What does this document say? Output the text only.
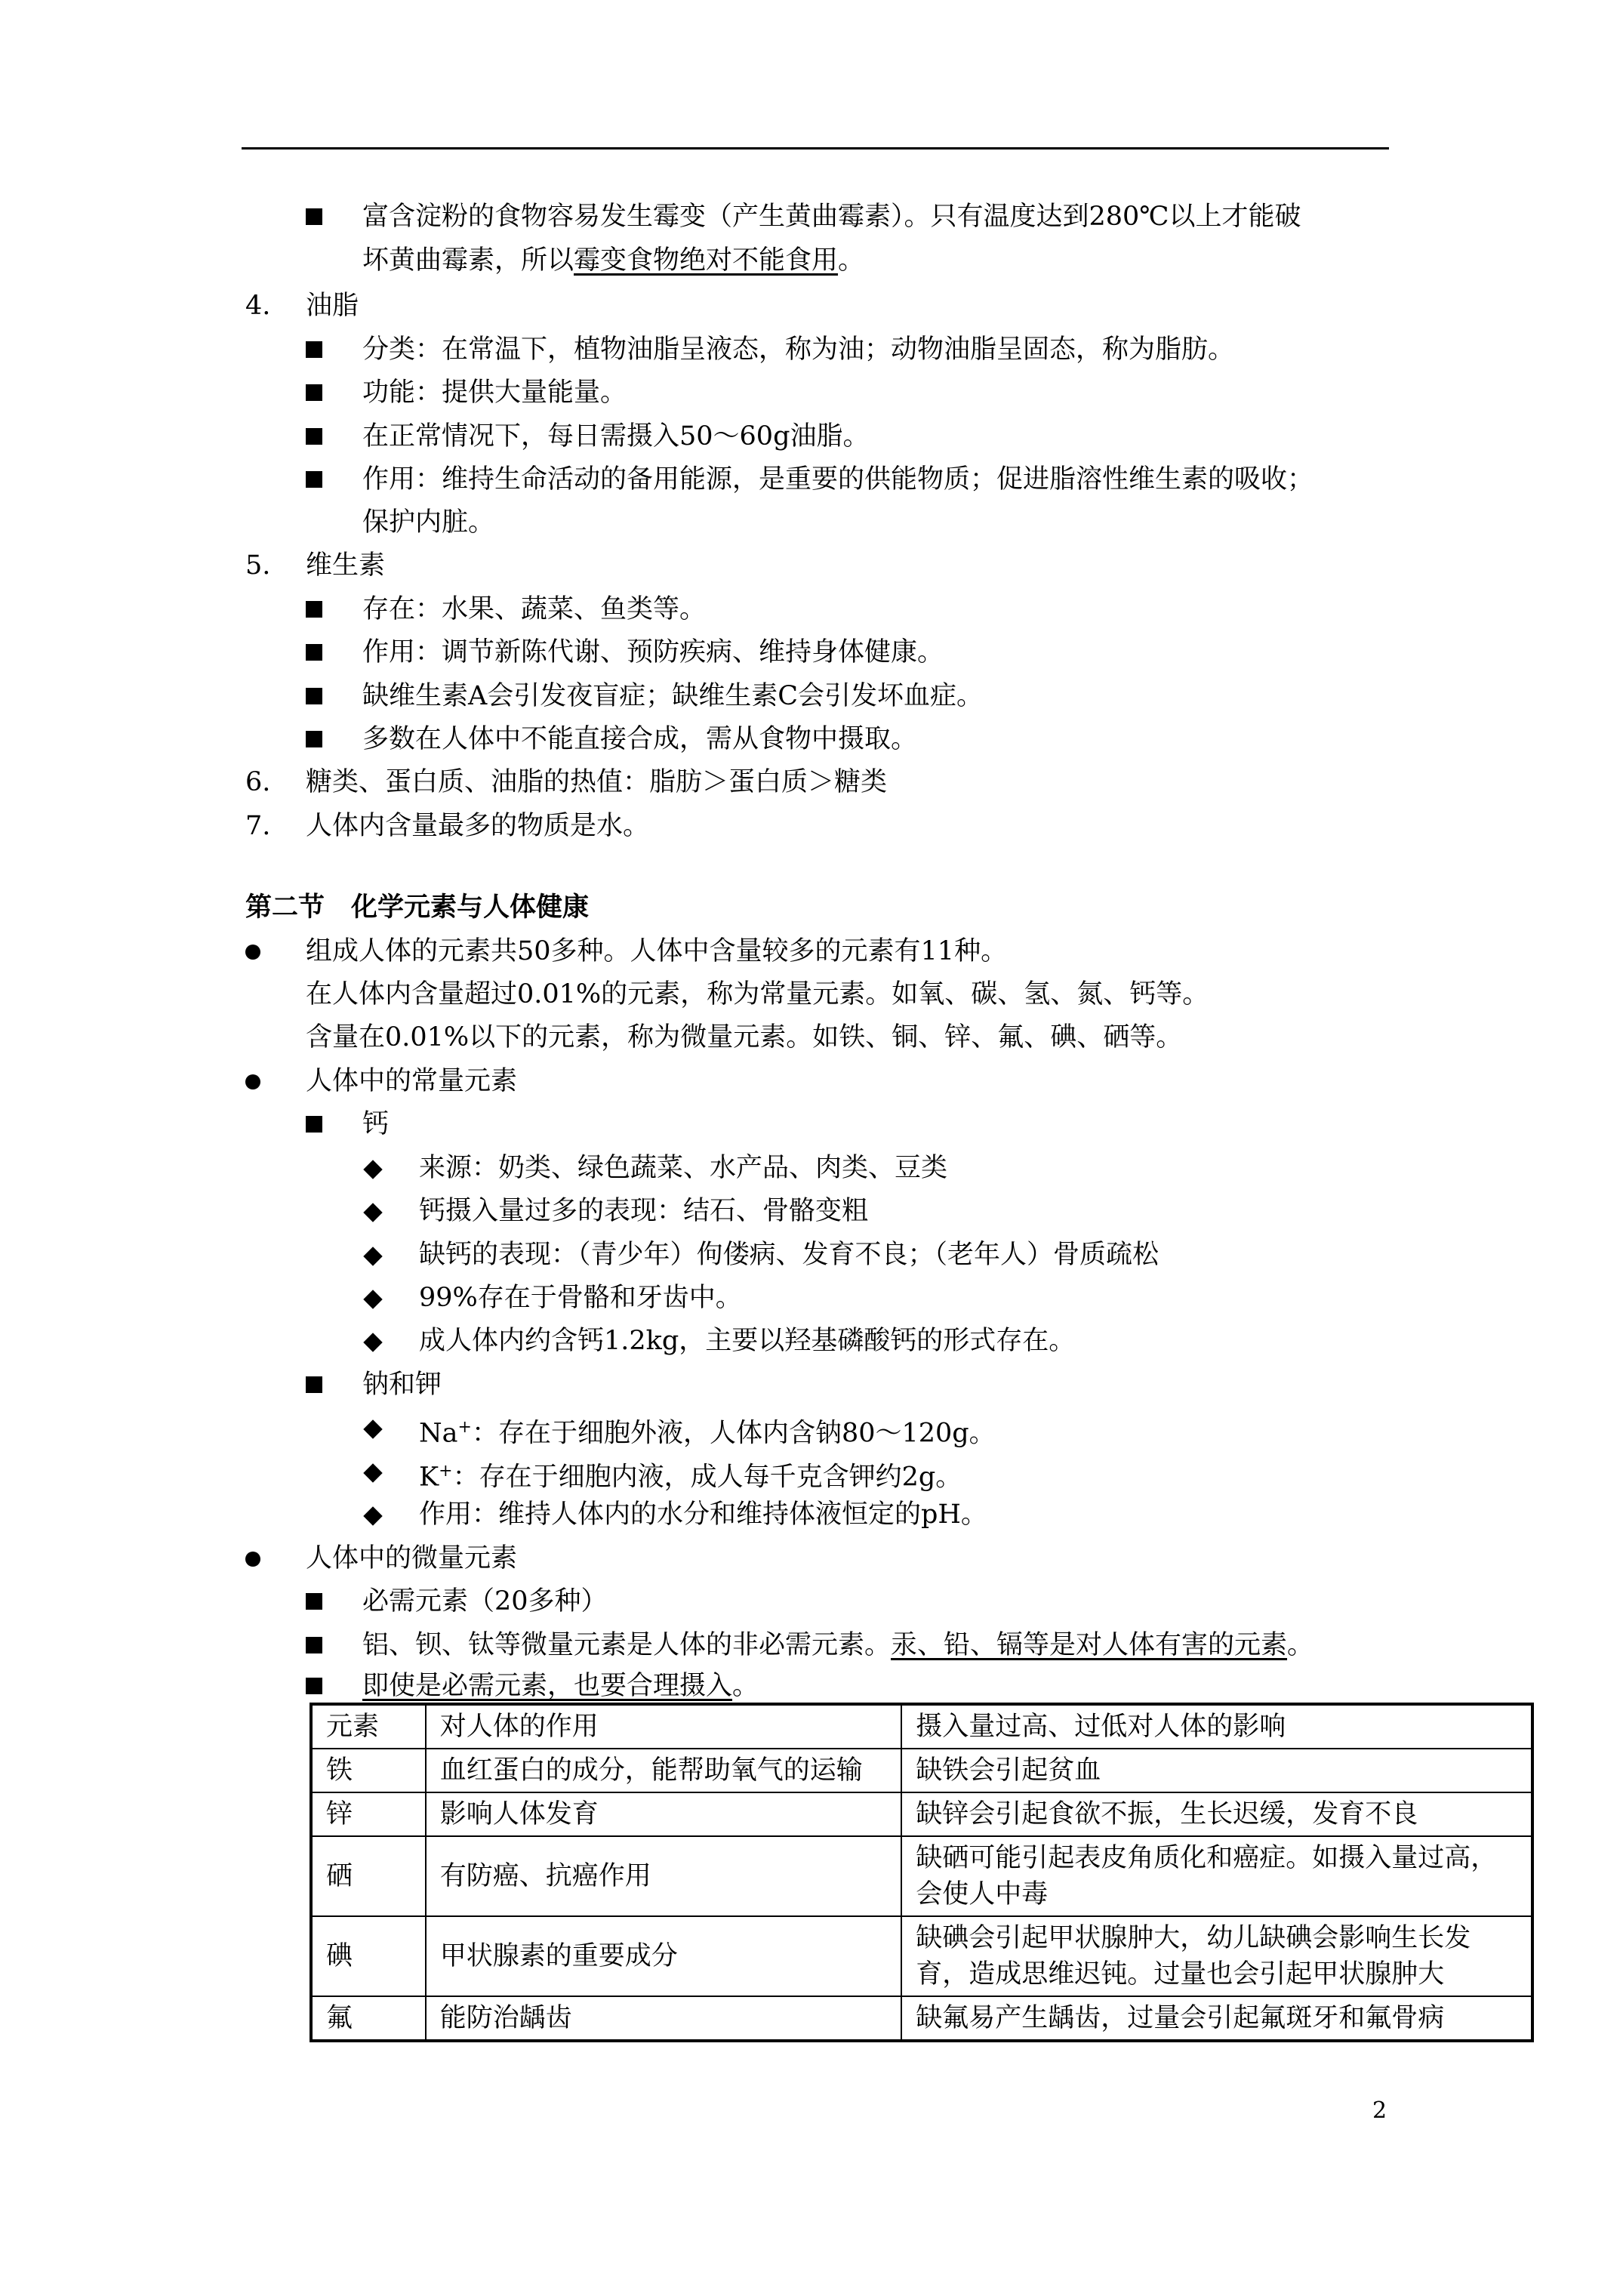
富含淀粉的食物容易发生霉变（产生黄曲霉素）。只有温度达到280℃以上才能破
坏黄曲霉素，所以霉变食物绝对不能食用。
4. 油脂
分类：在常温下，植物油脂呈液态，称为油；动物油脂呈固态，称为脂肪。
功能：提供大量能量。
在正常情况下，每日需摄入50～60g油脂。
作用：维持生命活动的备用能源，是重要的供能物质；促进脂溶性维生素的吸收；
保护内脏。
5. 维生素
存在：水果、蔬菜、鱼类等。
作用：调节新陈代谢、预防疾病、维持身体健康。
缺维生素A会引发夜盲症；缺维生素C会引发坏血症。
多数在人体中不能直接合成，需从食物中摄取。
6. 糖类、蛋白质、油脂的热值：脂肪＞蛋白质＞糖类
7. 人体内含量最多的物质是水。
第二节　化学元素与人体健康
组成人体的元素共50多种。人体中含量较多的元素有11种。
在人体内含量超过0.01%的元素，称为常量元素。如氧、碳、氢、氮、钙等。
含量在0.01%以下的元素，称为微量元素。如铁、铜、锌、氟、碘、硒等。
人体中的常量元素
钙
来源：奶类、绿色蔬菜、水产品、肉类、豆类
钙摄入量过多的表现：结石、骨骼变粗
缺钙的表现：（青少年）佝偻病、发育不良；（老年人）骨质疏松
99%存在于骨骼和牙齿中。
成人体内约含钙1.2kg，主要以羟基磷酸钙的形式存在。
钠和钾
Na+：存在于细胞外液，人体内含钠80～120g。
K+：存在于细胞内液，成人每千克含钾约2g。
作用：维持人体内的水分和维持体液恒定的pH。
人体中的微量元素
必需元素（20多种）
铝、钡、钛等微量元素是人体的非必需元素。汞、铅、镉等是对人体有害的元素。
即使是必需元素，也要合理摄入。
元素	对人体的作用	摄入量过高、过低对人体的影响
铁	血红蛋白的成分，能帮助氧气的运输	缺铁会引起贫血
锌	影响人体发育	缺锌会引起食欲不振，生长迟缓，发育不良
硒	有防癌、抗癌作用	缺硒可能引起表皮角质化和癌症。如摄入量过高，会使人中毒
碘	甲状腺素的重要成分	缺碘会引起甲状腺肿大，幼儿缺碘会影响生长发育，造成思维迟钝。过量也会引起甲状腺肿大
氟	能防治龋齿	缺氟易产生龋齿，过量会引起氟斑牙和氟骨病
2
